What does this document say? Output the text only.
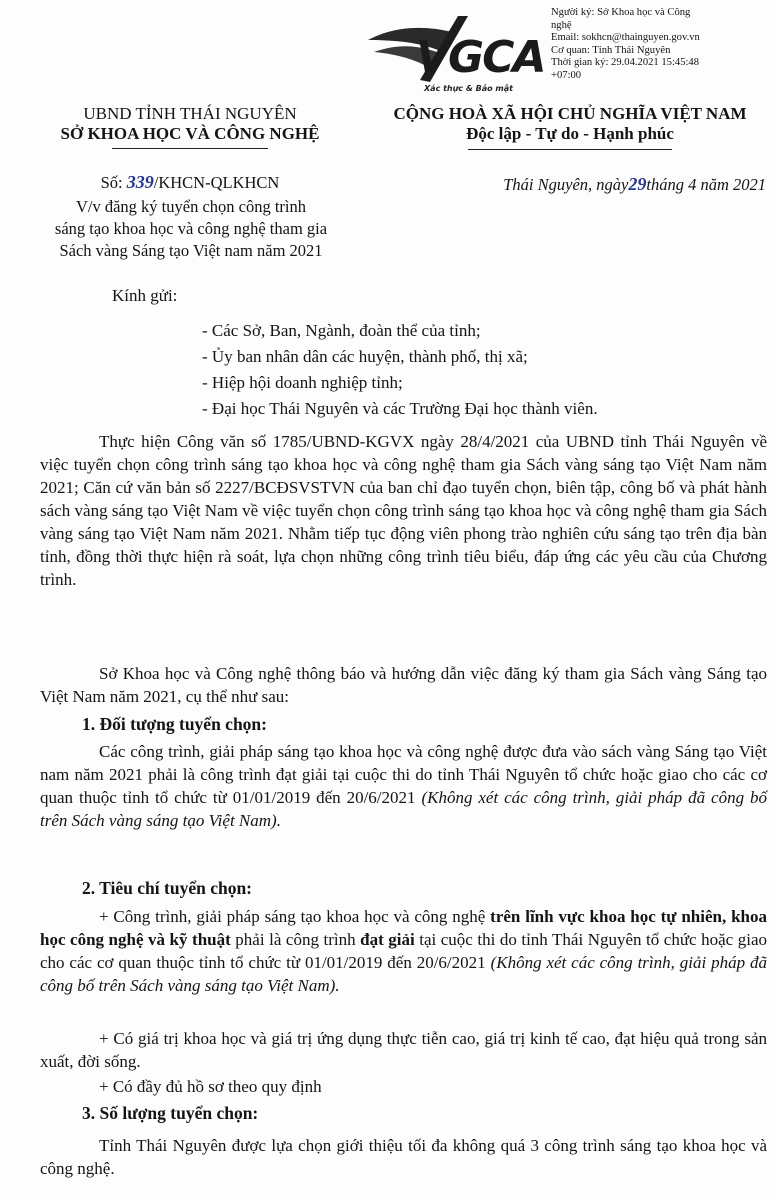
Người ký: Sở Khoa học và Công
nghệ
Email: sokhcn@thainguyen.gov.vn
Cơ quan: Tỉnh Thái Nguyên
Thời gian ký: 29.04.2021 15:45:48
+07:00
VGCA
Xác thực & Bảo mật
UBND TỈNH THÁI NGUYÊN
SỞ KHOA HỌC VÀ CÔNG NGHỆ
CỘNG HOÀ XÃ HỘI CHỦ NGHĨA VIỆT NAM
Độc lập - Tự do - Hạnh phúc
Số: 339/KHCN-QLKHCN
V/v đăng ký tuyển chọn công trình
sáng tạo khoa học và công nghệ tham gia
Sách vàng Sáng tạo Việt nam năm 2021
Thái Nguyên, ngày29tháng 4 năm 2021
Kính gửi:
- Các Sở, Ban, Ngành, đoàn thể của tỉnh;
- Ủy ban nhân dân các huyện, thành phố, thị xã;
- Hiệp hội doanh nghiệp tỉnh;
- Đại học Thái Nguyên và các Trường Đại học thành viên.
Thực hiện Công văn số 1785/UBND-KGVX ngày 28/4/2021 của UBND tỉnh Thái Nguyên về việc tuyển chọn công trình sáng tạo khoa học và công nghệ tham gia Sách vàng sáng tạo Việt Nam năm 2021; Căn cứ văn bản số 2227/BCĐSVSTVN của ban chỉ đạo tuyển chọn, biên tập, công bố và phát hành sách vàng sáng tạo Việt Nam về việc tuyển chọn công trình sáng tạo khoa học và công nghệ tham gia Sách vàng sáng tạo Việt Nam năm 2021. Nhằm tiếp tục động viên phong trào nghiên cứu sáng tạo trên địa bàn tỉnh, đồng thời thực hiện rà soát, lựa chọn những công trình tiêu biểu, đáp ứng các yêu cầu của Chương trình.
Sở Khoa học và Công nghệ thông báo và hướng dẫn việc đăng ký tham gia Sách vàng Sáng tạo Việt Nam năm 2021, cụ thể như sau:
1. Đối tượng tuyển chọn:
Các công trình, giải pháp sáng tạo khoa học và công nghệ được đưa vào sách vàng Sáng tạo Việt nam năm 2021 phải là công trình đạt giải tại cuộc thi do tỉnh Thái Nguyên tổ chức hoặc giao cho các cơ quan thuộc tỉnh tổ chức từ 01/01/2019 đến 20/6/2021 (Không xét các công trình, giải pháp đã công bố trên Sách vàng sáng tạo Việt Nam).
2. Tiêu chí tuyển chọn:
+ Công trình, giải pháp sáng tạo khoa học và công nghệ trên lĩnh vực khoa học tự nhiên, khoa học công nghệ và kỹ thuật phải là công trình đạt giải tại cuộc thi do tỉnh Thái Nguyên tổ chức hoặc giao cho các cơ quan thuộc tỉnh tổ chức từ 01/01/2019 đến 20/6/2021 (Không xét các công trình, giải pháp đã công bố trên Sách vàng sáng tạo Việt Nam).
+ Có giá trị khoa học và giá trị ứng dụng thực tiễn cao, giá trị kinh tế cao, đạt hiệu quả trong sản xuất, đời sống.
+ Có đầy đủ hồ sơ theo quy định
3. Số lượng tuyển chọn:
Tỉnh Thái Nguyên được lựa chọn giới thiệu tối đa không quá 3 công trình sáng tạo khoa học và công nghệ.
